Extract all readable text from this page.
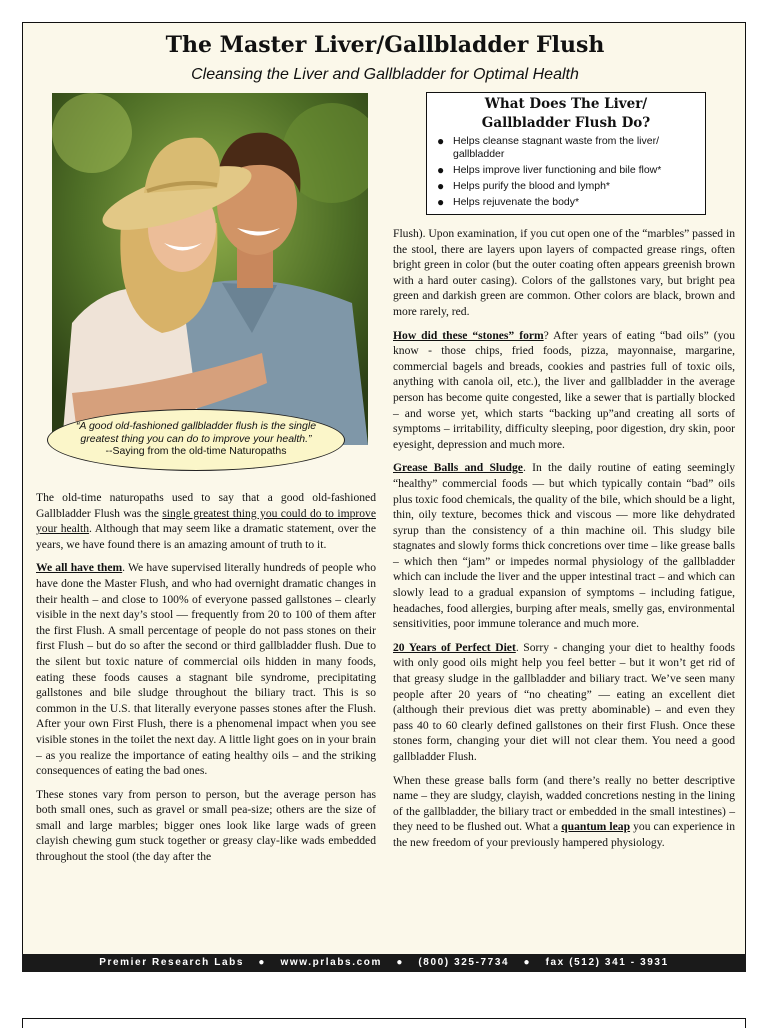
The Master Liver/Gallbladder Flush
Cleansing the Liver and Gallbladder for Optimal Health
“A good old-fashioned gallbladder flush is the single greatest thing you can do to improve your health.”
--Saying from the old-time Naturopaths
What Does The Liver/
Gallbladder Flush Do?
● Helps cleanse stagnant waste from the liver/ gallbladder
● Helps improve liver functioning and bile flow*
● Helps purify the blood and lymph*
● Helps rejuvenate the body*

The old-time naturopaths used to say that a good old-fashioned Gallbladder Flush was the single greatest thing you could do to improve your health. Although that may seem like a dramatic statement, over the years, we have found there is an amazing amount of truth to it.

We all have them. We have supervised literally hundreds of people who have done the Master Flush, and who had overnight dramatic changes in their health – and close to 100% of everyone passed gallstones – clearly visible in the next day’s stool — frequently from 20 to 100 of them after the first Flush. A small percentage of people do not pass stones on their first Flush – but do so after the second or third gallbladder flush. Due to the silent but toxic nature of commercial oils hidden in many foods, eating these foods causes a stagnant bile syndrome, precipitating gallstones and bile sludge throughout the biliary tract. This is so common in the U.S. that literally everyone passes stones after the Flush. After your own First Flush, there is a phenomenal impact when you see visible stones in the toilet the next day. A little light goes on in your brain – as you realize the importance of eating healthy oils – and the striking consequences of eating the bad ones.

These stones vary from person to person, but the average person has both small ones, such as gravel or small pea-size; others are the size of small and large marbles; bigger ones look like large wads of green clayish chewing gum stuck together or greasy clay-like wads embedded throughout the stool (the day after the

Flush). Upon examination, if you cut open one of the “marbles” passed in the stool, there are layers upon layers of compacted grease rings, often bright green in color (but the outer coating often appears greenish brown with a hard outer casing). Colors of the gallstones vary, but bright pea green and darkish green are common. Other colors are black, brown and more rarely, red.

How did these “stones” form? After years of eating “bad oils” (you know - those chips, fried foods, pizza, mayonnaise, margarine, commercial bagels and breads, cookies and pastries full of toxic oils, anything with canola oil, etc.), the liver and gallbladder in the average person has become quite congested, like a sewer that is partially blocked – and worse yet, which starts “backing up”and creating all sorts of symptoms – irritability, difficulty sleeping, poor digestion, dry skin, poor eyesight, depression and much more.

Grease Balls and Sludge. In the daily routine of eating seemingly “healthy” commercial foods — but which typically contain “bad” oils plus toxic food chemicals, the quality of the bile, which should be a light, thin, oily texture, becomes thick and viscous — more like dehydrated syrup than the consistency of a thin machine oil. This sludgy bile stagnates and slowly forms thick concretions over time – like grease balls – which then “jam” or impedes normal physiology of the gallbladder which can include the liver and the upper intestinal tract – and which can slowly lead to a gradual expansion of symptoms – including fatigue, headaches, food allergies, burping after meals, smelly gas, environmental sensitivities, poor immune tolerance and much more.

20 Years of Perfect Diet. Sorry - changing your diet to healthy foods with only good oils might help you feel better – but it won’t get rid of that greasy sludge in the gallbladder and biliary tract. We’ve seen many people after 20 years of “no cheating” — eating an excellent diet (although their previous diet was pretty abominable) – and even they pass 40 to 60 clearly defined gallstones on their first Flush. Once these stones form, changing your diet will not clear them. You need a good gallbladder Flush.

When these grease balls form (and there’s really no better descriptive name – they are sludgy, clayish, wadded concretions nesting in the lining of the gallbladder, the biliary tract or embedded in the small intestines) – they need to be flushed out. What a quantum leap you can experience in the new freedom of your previously hampered physiology.

Premier Research Labs ● www.prlabs.com ● (800) 325-7734 ● fax (512) 341 - 3931
